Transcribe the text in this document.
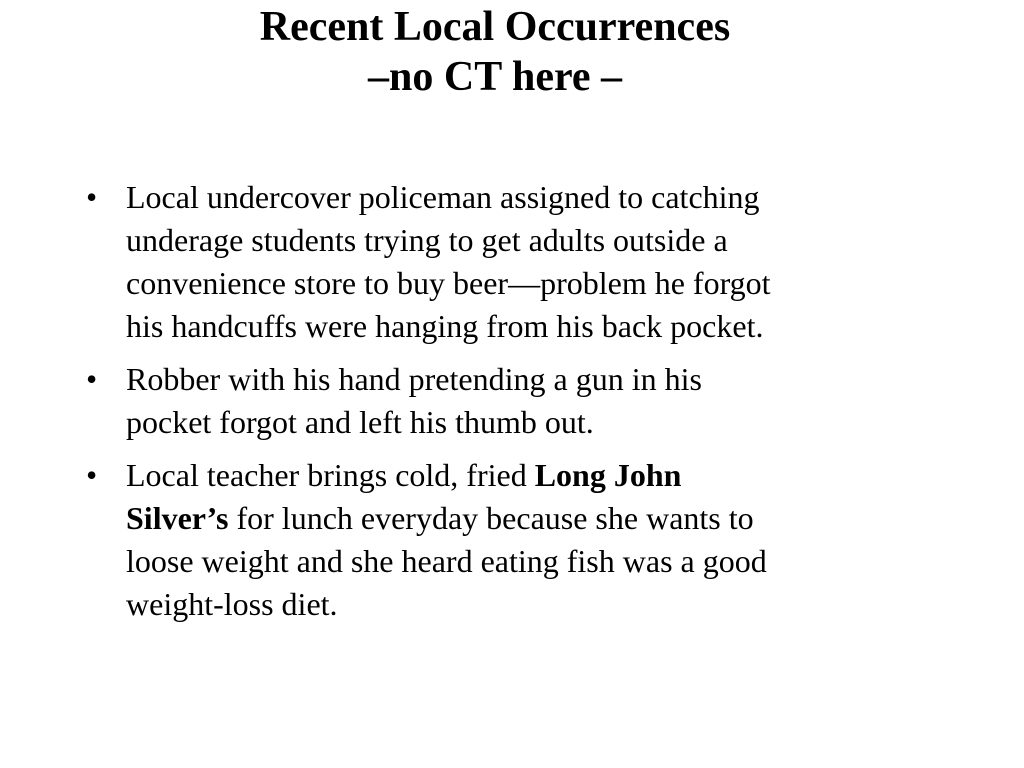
Recent Local Occurrences
–no CT here –
• Local undercover policeman assigned to catching
underage students trying to get adults outside a
convenience store to buy beer—problem he forgot
his handcuffs were hanging from his back pocket.
• Robber with his hand pretending a gun in his
pocket forgot and left his thumb out.
• Local teacher brings cold, fried Long John
Silver’s for lunch everyday because she wants to
loose weight and she heard eating fish was a good
weight-loss diet.
